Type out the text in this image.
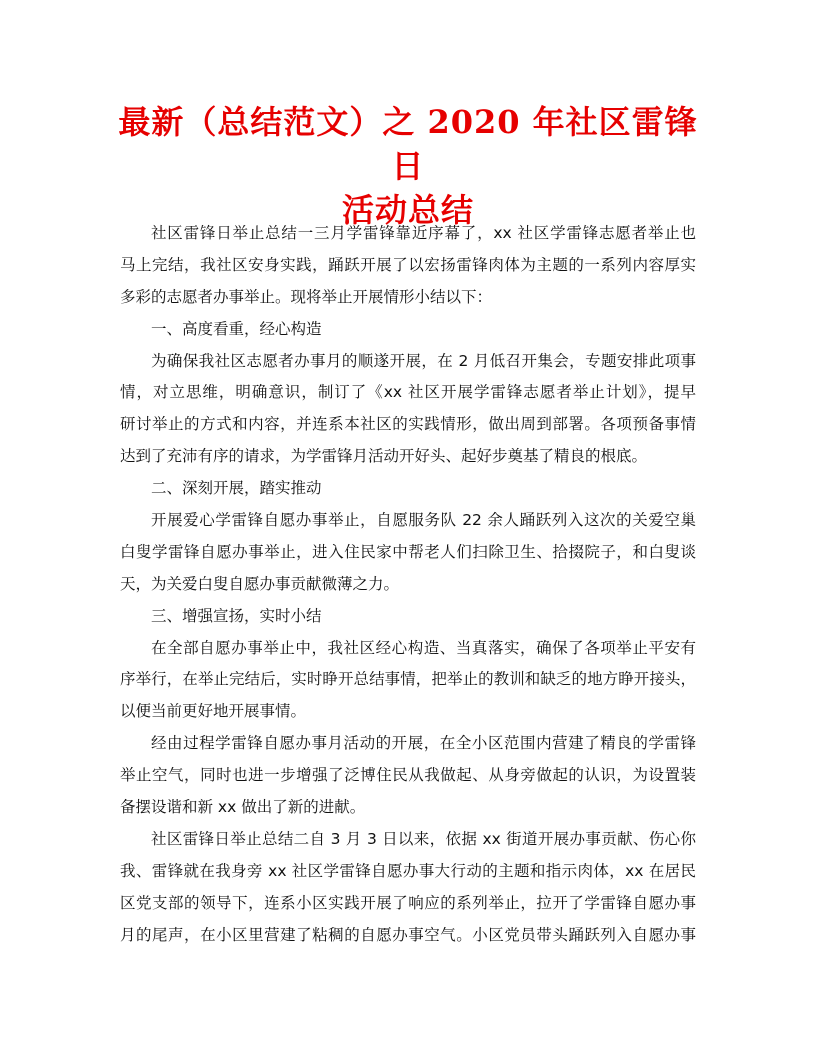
最新（总结范文）之 2020 年社区雷锋日
活动总结
社区雷锋日举止总结一三月学雷锋靠近序幕了，xx 社区学雷锋志愿者举止也
马上完结，我社区安身实践，踊跃开展了以宏扬雷锋肉体为主题的一系列内容厚实
多彩的志愿者办事举止。现将举止开展情形小结以下：
一、高度看重，经心构造
为确保我社区志愿者办事月的顺遂开展，在 2 月低召开集会，专题安排此项事
情，对立思维，明确意识，制订了《xx 社区开展学雷锋志愿者举止计划》，提早
研讨举止的方式和内容，并连系本社区的实践情形，做出周到部署。各项预备事情
达到了充沛有序的请求，为学雷锋月活动开好头、起好步奠基了精良的根底。
二、深刻开展，踏实推动
开展爱心学雷锋自愿办事举止，自愿服务队 22 余人踊跃列入这次的关爱空巢
白叟学雷锋自愿办事举止，进入住民家中帮老人们扫除卫生、拾掇院子，和白叟谈
天，为关爱白叟自愿办事贡献微薄之力。
三、增强宣扬，实时小结
在全部自愿办事举止中，我社区经心构造、当真落实，确保了各项举止平安有
序举行，在举止完结后，实时睁开总结事情，把举止的教训和缺乏的地方睁开接头，
以便当前更好地开展事情。
经由过程学雷锋自愿办事月活动的开展，在全小区范围内营建了精良的学雷锋
举止空气，同时也进一步增强了泛博住民从我做起、从身旁做起的认识，为设置装
备摆设谐和新 xx 做出了新的进献。
社区雷锋日举止总结二自 3 月 3 日以来，依据 xx 街道开展办事贡献、伤心你
我、雷锋就在我身旁 xx 社区学雷锋自愿办事大行动的主题和指示肉体，xx 在居民
区党支部的领导下，连系小区实践开展了响应的系列举止，拉开了学雷锋自愿办事
月的尾声，在小区里营建了粘稠的自愿办事空气。小区党员带头踊跃列入自愿办事
